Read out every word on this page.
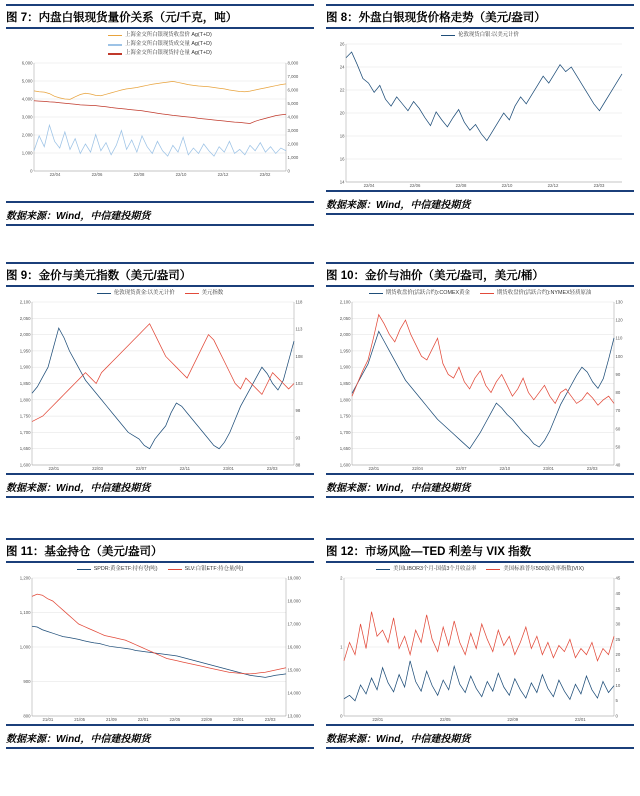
图 7：内盘白银现货量价关系（元/千克，吨）
上海金交所白银现货收盘价 Ag(T+D)
上海金交所白银现货成交量 Ag(T+D)
上海金交所白银现货持仓量 Ag(T+D)
6,000
5,000
4,000
3,000
2,000
1,000
0
8,000
7,000
6,000
5,000
4,000
3,000
2,000
1,000
0
22/04	22/06	22/08	22/10	22/12	23/02
数据来源：Wind，中信建投期货
图 8：外盘白银现货价格走势（美元/盎司）
伦敦现货白银:以美元计价
26
24
22
20
18
16
14
22/04	22/06	22/08	22/10	22/12	23/03
数据来源：Wind，中信建投期货
图 9：金价与美元指数（美元/盎司）
伦敦现货黄金:以美元计价	美元指数
2,100
2,050
2,000
1,950
1,900
1,850
1,800
1,750
1,700
1,650
1,600
118
113
108
103
98
93
88
22/01	22/03	22/07	22/11	23/01	23/03
数据来源：Wind，中信建投期货
图 10：金价与油价（美元/盎司，美元/桶）
期货收盘价(活跃合约):COMEX黄金	期货收盘价(活跃合约):NYMEX轻质原油
2,100
2,050
2,000
1,950
1,900
1,850
1,800
1,750
1,700
1,650
1,600
130
120
110
100
90
80
70
60
50
40
22/01	22/04	22/07	22/10	23/01	23/03
数据来源：Wind，中信建投期货
图 11：基金持仓（美元/盎司）
SPDR:黄金ETF:持有량(吨)	SLV:白银ETF:持仓量(吨)
1,200
1,100
1,000
900
800
19,000
18,000
17,000
16,000
15,000
14,000
13,000
21/01	21/05	21/09	22/01	22/05	22/09	23/01	23/03
数据来源：Wind，中信建投期货
图 12：市场风险—TED 利差与 VIX 指数
美国LIBOR3个月-国债3个月收益率	美国标准普尔500波动率指数(VIX)
2
1
0
45
40
35
30
25
20
15
10
5
0
22/01	22/05	22/09	23/01
数据来源：Wind，中信建投期货
